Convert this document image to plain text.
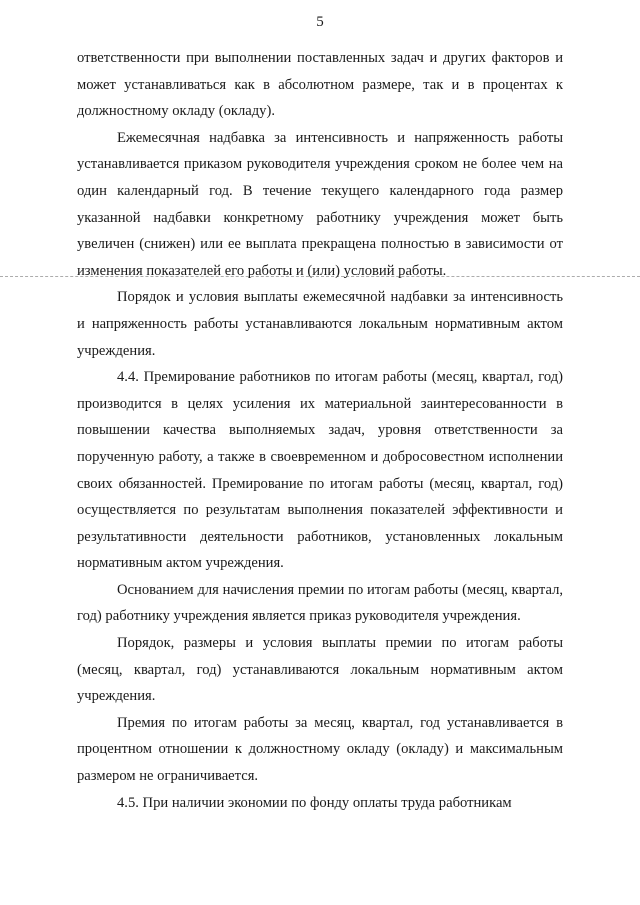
5

ответственности при выполнении поставленных задач и других факторов и может устанавливаться как в абсолютном размере, так и в процентах к должностному окладу (окладу).

Ежемесячная надбавка за интенсивность и напряженность работы устанавливается приказом руководителя учреждения сроком не более чем на один календарный год. В течение текущего календарного года размер указанной надбавки конкретному работнику учреждения может быть увеличен (снижен) или ее выплата прекращена полностью в зависимости от изменения показателей его работы и (или) условий работы.

Порядок и условия выплаты ежемесячной надбавки за интенсивность и напряженность работы устанавливаются локальным нормативным актом учреждения.

4.4. Премирование работников по итогам работы (месяц, квартал, год) производится в целях усиления их материальной заинтересованности в повышении качества выполняемых задач, уровня ответственности за порученную работу, а также в своевременном и добросовестном исполнении своих обязанностей. Премирование по итогам работы (месяц, квартал, год) осуществляется по результатам выполнения показателей эффективности и результативности деятельности работников, установленных локальным нормативным актом учреждения.

Основанием для начисления премии по итогам работы (месяц, квартал, год) работнику учреждения является приказ руководителя учреждения.

Порядок, размеры и условия выплаты премии по итогам работы (месяц, квартал, год) устанавливаются локальным нормативным актом учреждения.

Премия по итогам работы за месяц, квартал, год устанавливается в процентном отношении к должностному окладу (окладу) и максимальным размером не ограничивается.

4.5. При наличии экономии по фонду оплаты труда работникам
